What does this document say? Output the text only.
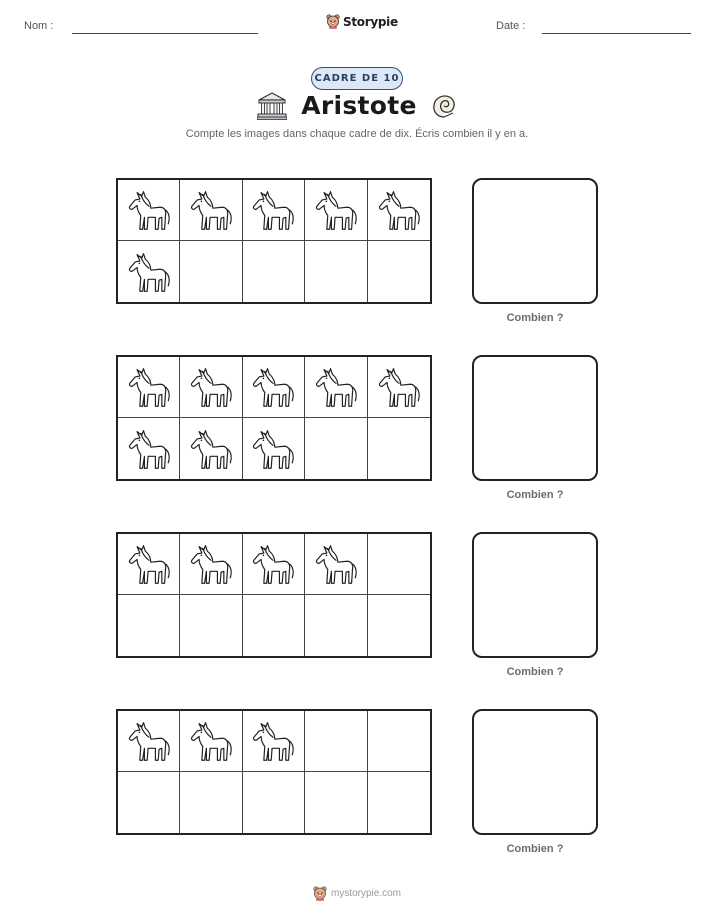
Nom :	Storypie	Date :
CADRE DE 10
Aristote
Compte les images dans chaque cadre de dix. Écris combien il y en a.
Combien ?
Combien ?
Combien ?
Combien ?
mystorypie.com
